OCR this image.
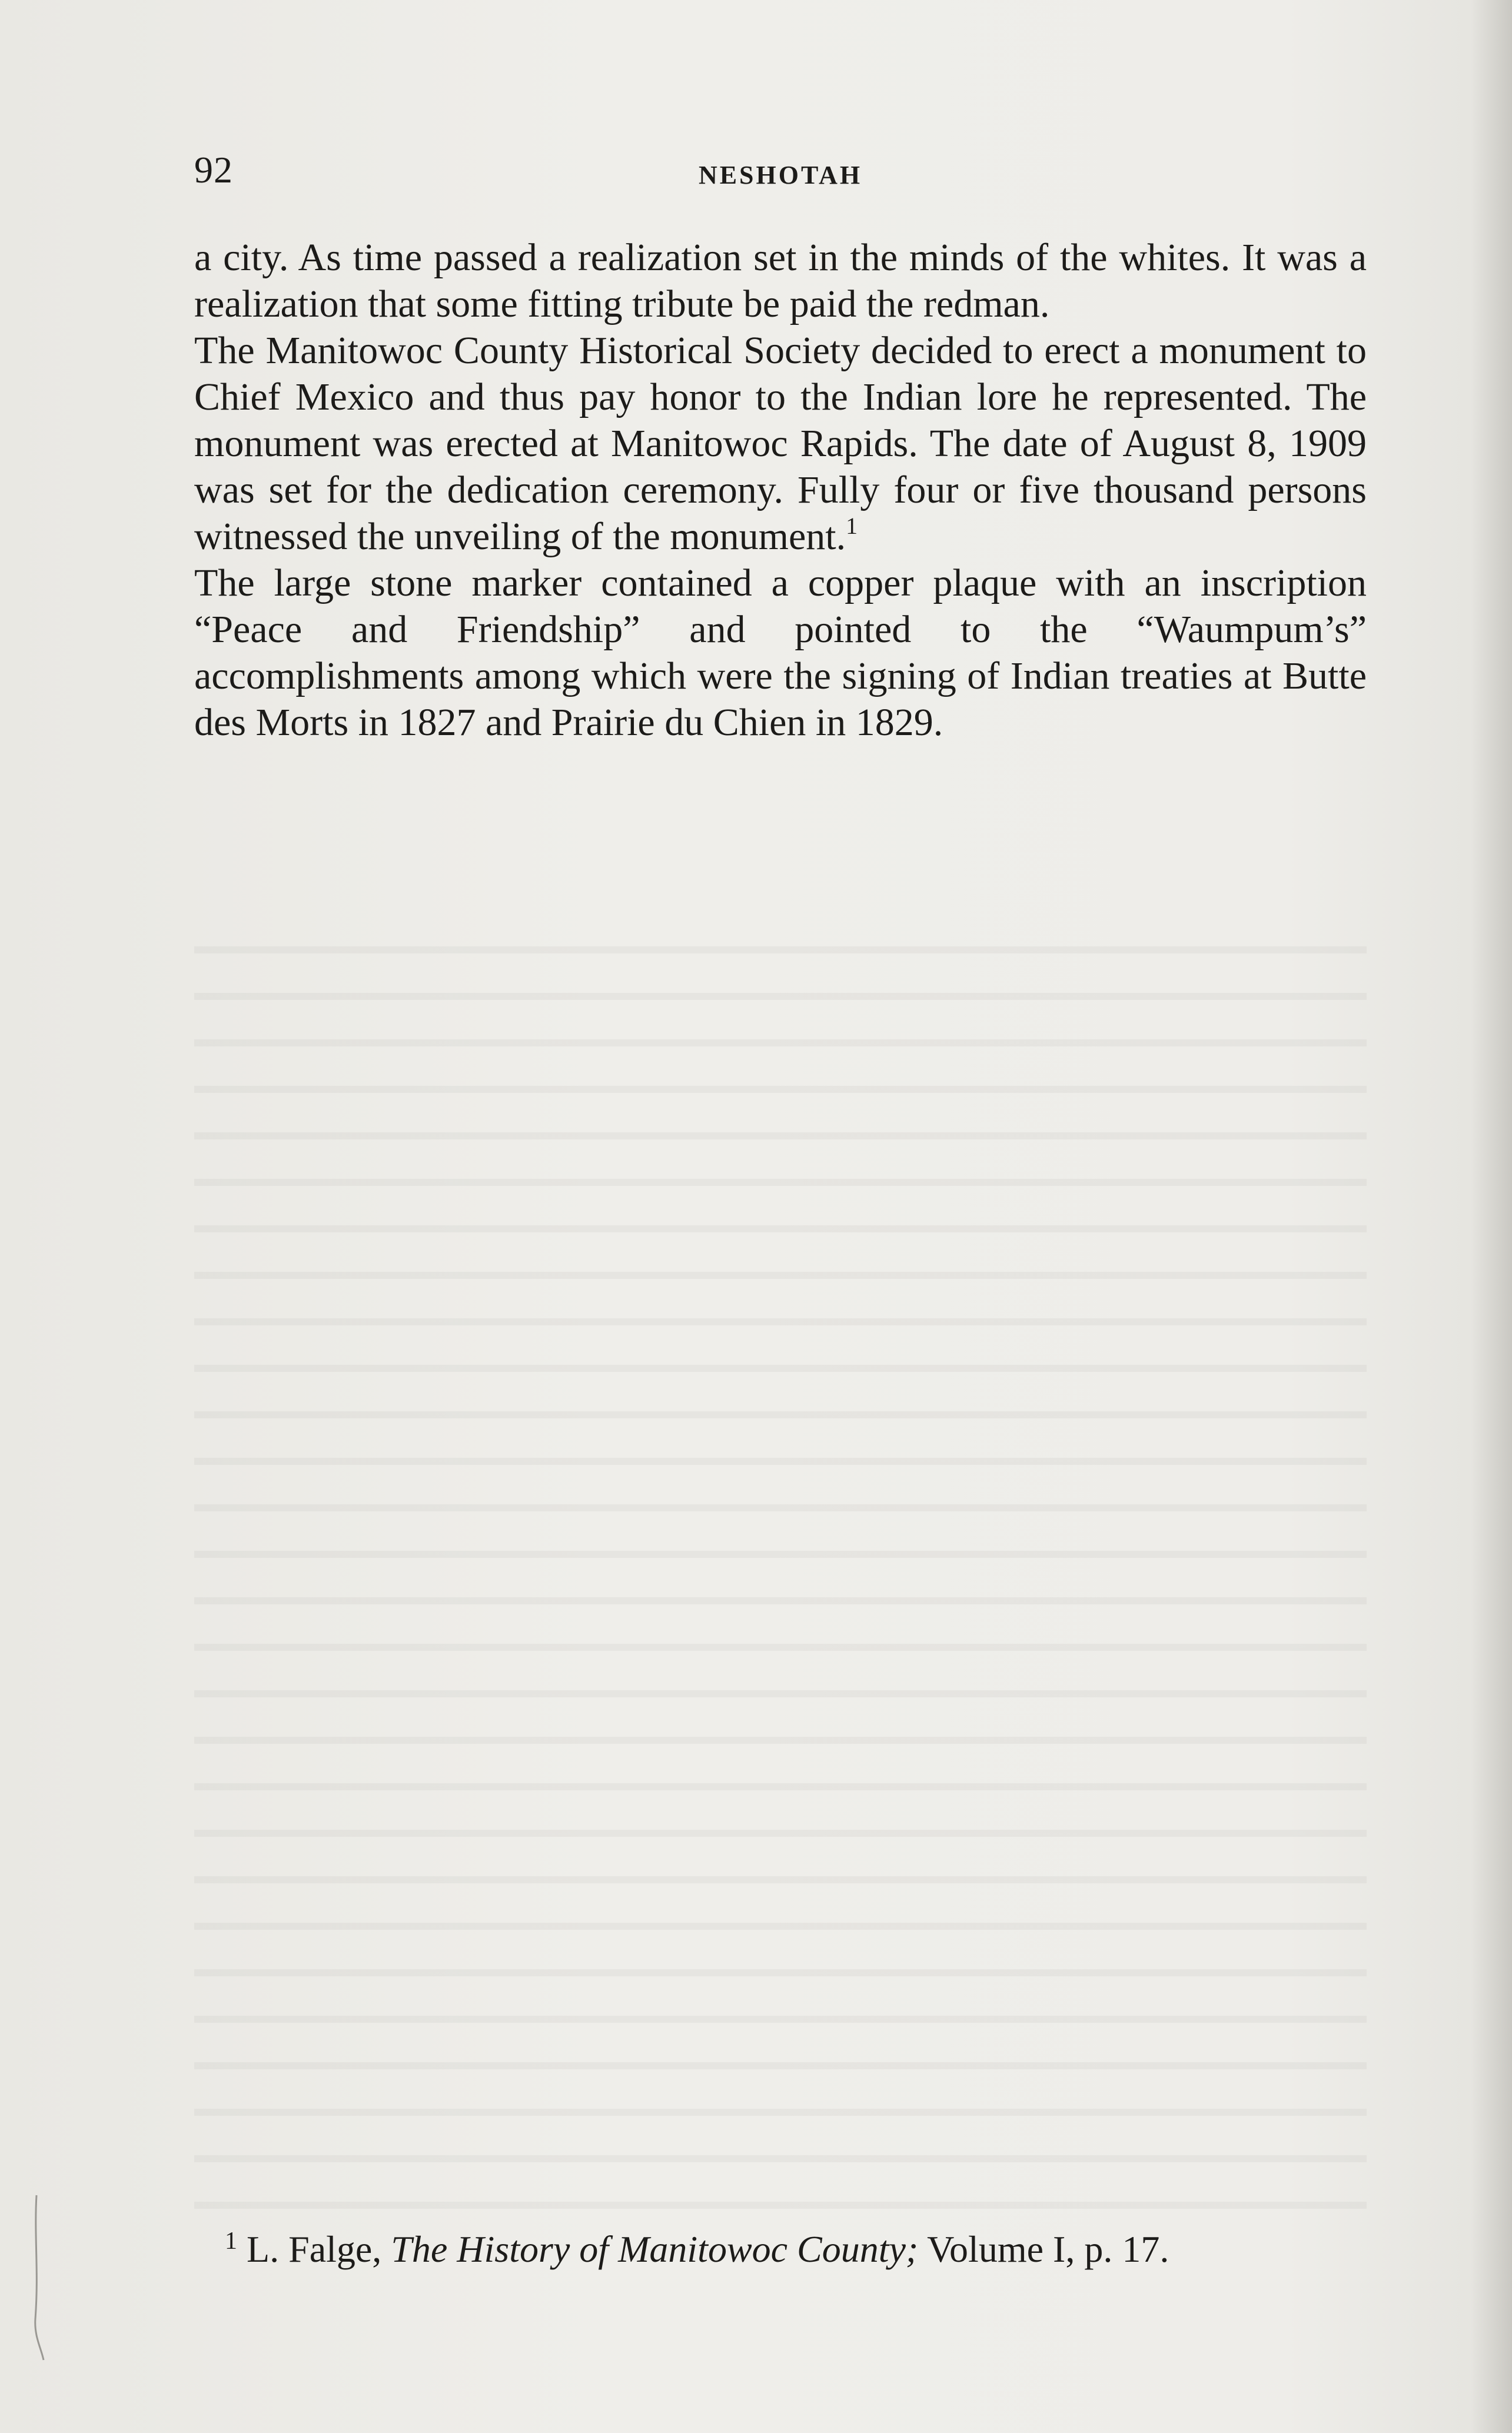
92	NESHOTAH

a city. As time passed a realization set in the minds of the whites. It was a realization that some fitting tribute be paid the redman.

The Manitowoc County Historical Society decided to erect a monument to Chief Mexico and thus pay honor to the Indian lore he represented. The monument was erected at Manitowoc Rapids. The date of August 8, 1909 was set for the dedication ceremony. Fully four or five thousand persons witnessed the unveiling of the monument.$^1$

The large stone marker contained a copper plaque with an inscription “Peace and Friendship” and pointed to the “Waumpum’s” accomplishments among which were the signing of Indian treaties at Butte des Morts in 1827 and Prairie du Chien in 1829.

$^1$ L. Falge, The History of Manitowoc County; Volume I, p. 17.
